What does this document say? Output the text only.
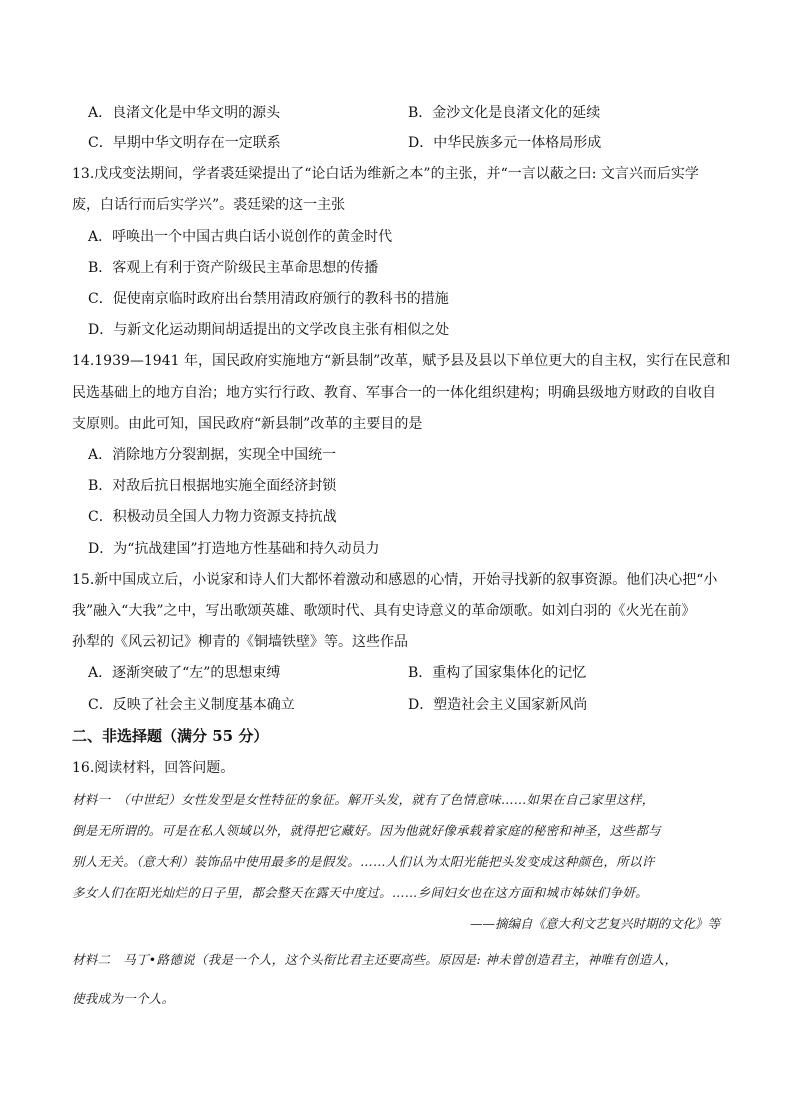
A．良渚文化是中华文明的源头	B．金沙文化是良渚文化的延续
C．早期中华文明存在一定联系	D．中华民族多元一体格局形成
13.戊戌变法期间，学者裘廷梁提出了“论白话为维新之本”的主张，并“一言以蔽之曰: 文言兴而后实学
废，白话行而后实学兴”。裘廷梁的这一主张
A．呼唤出一个中国古典白话小说创作的黄金时代
B．客观上有利于资产阶级民主革命思想的传播
C．促使南京临时政府出台禁用清政府颁行的教科书的措施
D．与新文化运动期间胡适提出的文学改良主张有相似之处
14.1939—1941 年，国民政府实施地方“新县制”改革，赋予县及县以下单位更大的自主权，实行在民意和
民选基础上的地方自治；地方实行行政、教育、军事合一的一体化组织建构；明确县级地方财政的自收自
支原则。由此可知，国民政府“新县制”改革的主要目的是
A．消除地方分裂割据，实现全中国统一
B．对敌后抗日根据地实施全面经济封锁
C．积极动员全国人力物力资源支持抗战
D．为“抗战建国”打造地方性基础和持久动员力
15.新中国成立后，小说家和诗人们大都怀着激动和感恩的心情，开始寻找新的叙事资源。他们决心把“小
我”融入“大我”之中，写出歌颂英雄、歌颂时代、具有史诗意义的革命颂歌。如刘白羽的《火光在前》
孙犁的《风云初记》柳青的《铜墙铁壁》等。这些作品
A．逐渐突破了“左”的思想束缚	B．重构了国家集体化的记忆
C．反映了社会主义制度基本确立	D．塑造社会主义国家新风尚
二、非选择题（满分 55 分）
16.阅读材料，回答问题。
材料一　（中世纪）女性发型是女性特征的象征。解开头发，就有了色情意味……如果在自己家里这样，
倒是无所谓的。可是在私人领域以外，就得把它藏好。因为他就好像承载着家庭的秘密和神圣，这些都与
别人无关。（意大利）装饰品中使用最多的是假发。……人们认为太阳光能把头发变成这种颜色，所以许
多女人们在阳光灿烂的日子里，都会整天在露天中度过。……乡间妇女也在这方面和城市姊妹们争妍。
——摘编自《意大利文艺复兴时期的文化》等
材料二　马丁•路德说（我是一个人，这个头衔比君主还要高些。原因是: 神未曾创造君主，神唯有创造人，
使我成为一个人。
